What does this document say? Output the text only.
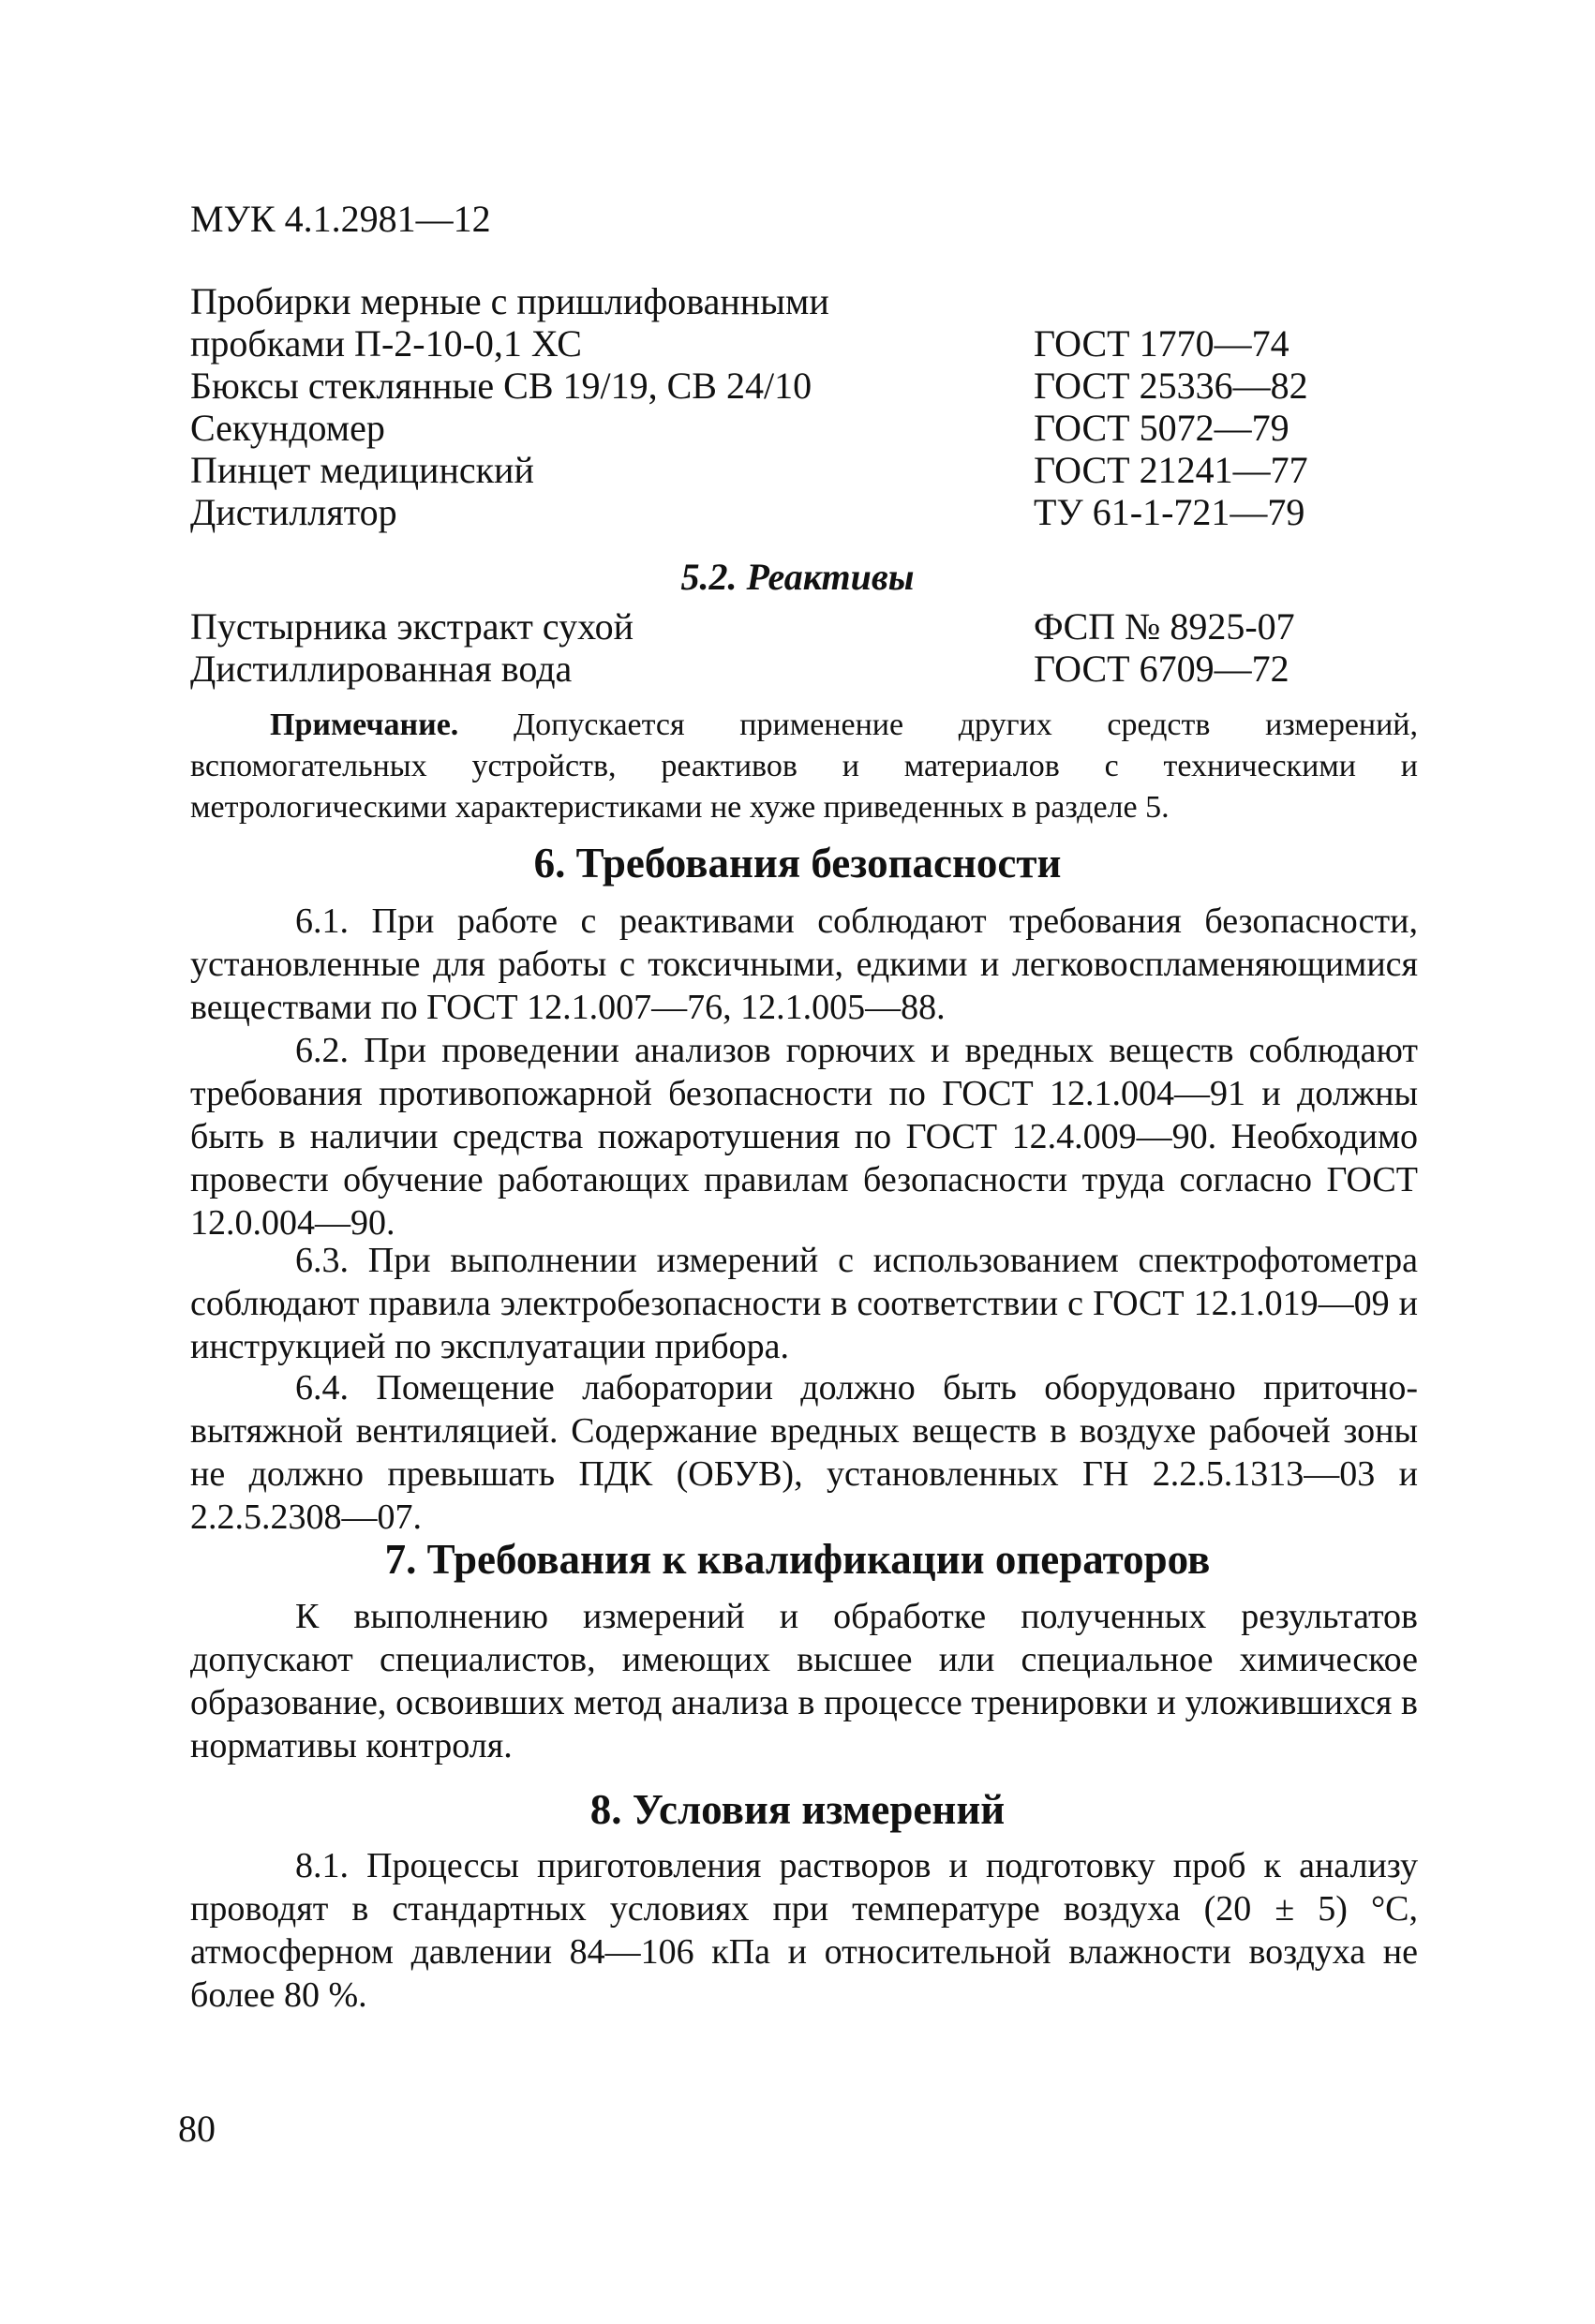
МУК 4.1.2981—12
Пробирки мерные с пришлифованными
пробками П-2-10-0,1 ХС	ГОСТ 1770—74
Бюксы стеклянные СВ 19/19, СВ 24/10	ГОСТ 25336—82
Секундомер	ГОСТ 5072—79
Пинцет медицинский	ГОСТ 21241—77
Дистиллятор	ТУ 61-1-721—79
5.2. Реактивы
Пустырника экстракт сухой	ФСП № 8925-07
Дистиллированная вода	ГОСТ 6709—72
Примечание. Допускается применение других средств измерений, вспомогательных устройств, реактивов и материалов с техническими и метрологическими характеристиками не хуже приведенных в разделе 5.
6. Требования безопасности
6.1. При работе с реактивами соблюдают требования безопасности, установленные для работы с токсичными, едкими и легковоспламеняющимися веществами по ГОСТ 12.1.007—76, 12.1.005—88.
6.2. При проведении анализов горючих и вредных веществ соблюдают требования противопожарной безопасности по ГОСТ 12.1.004—91 и должны быть в наличии средства пожаротушения по ГОСТ 12.4.009—90. Необходимо провести обучение работающих правилам безопасности труда согласно ГОСТ 12.0.004—90.
6.3. При выполнении измерений с использованием спектрофотометра соблюдают правила электробезопасности в соответствии с ГОСТ 12.1.019—09 и инструкцией по эксплуатации прибора.
6.4. Помещение лаборатории должно быть оборудовано приточно-вытяжной вентиляцией. Содержание вредных веществ в воздухе рабочей зоны не должно превышать ПДК (ОБУВ), установленных ГН 2.2.5.1313—03 и 2.2.5.2308—07.
7. Требования к квалификации операторов
К выполнению измерений и обработке полученных результатов допускают специалистов, имеющих высшее или специальное химическое образование, освоивших метод анализа в процессе тренировки и уложившихся в нормативы контроля.
8. Условия измерений
8.1. Процессы приготовления растворов и подготовку проб к анализу проводят в стандартных условиях при температуре воздуха (20 ± 5) °С, атмосферном давлении 84—106 кПа и относительной влажности воздуха не более 80 %.
80
